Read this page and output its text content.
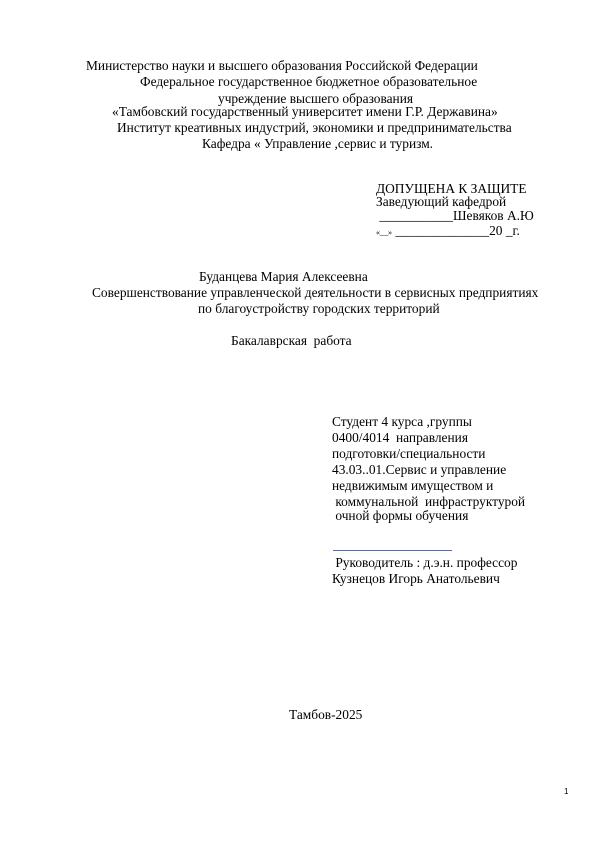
Министерство науки и высшего образования Российской Федерации
Федеральное государственное бюджетное образовательное
учреждение высшего образования
«Тамбовский государственный университет имени Г.Р. Державина»
Институт креативных индустрий, экономики и предпринимательства
Кафедра « Управление ,сервис и туризм.
ДОПУЩЕНА К ЗАЩИТЕ
Заведующий кафедрой
___________Шевяков А.Ю
«__» ______________20 _г.
Буданцева Мария Алексеевна
Совершенствование управленческой деятельности в сервисных предприятиях
по благоустройству городских территорий
Бакалаврская  работа
Студент 4 курса ,группы
0400/4014  направления
подготовки/специальности
43.03..01.Сервис и управление
недвижимым имуществом и
коммунальной  инфраструктурой
очной формы обучения
Руководитель : д.э.н. профессор
Кузнецов Игорь Анатольевич
Тамбов-2025
1
